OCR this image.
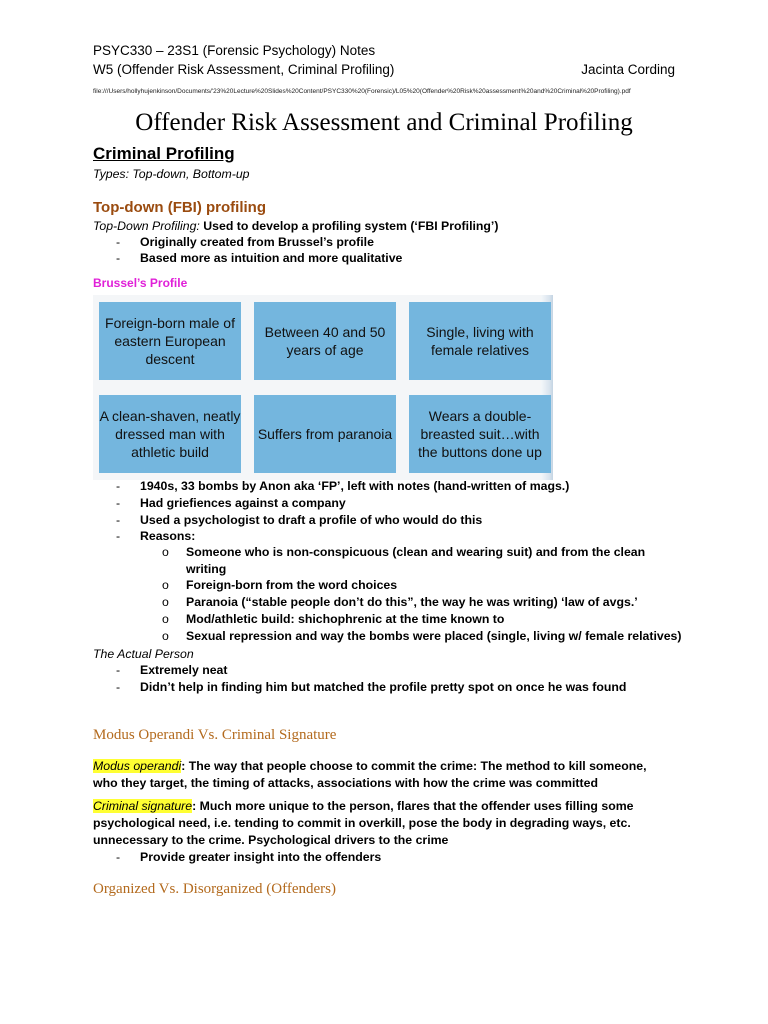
PSYC330 – 23S1 (Forensic Psychology) Notes
W5 (Offender Risk Assessment, Criminal Profiling)	Jacinta Cording
file:///Users/hollyhujenkinson/Documents/'23%20Lecture%20Slides%20Content/PSYC330%20(Forensic)/L05%20(Offender%20Risk%20assessment%20and%20Criminal%20Profiling).pdf
Offender Risk Assessment and Criminal Profiling
Criminal Profiling
Types: Top-down, Bottom-up
Top-down (FBI) profiling
Top-Down Profiling: Used to develop a profiling system (‘FBI Profiling’)
- Originally created from Brussel’s profile
- Based more as intuition and more qualitative
Brussel’s Profile
Foreign-born male of eastern European descent
Between 40 and 50 years of age
Single, living with female relatives
A clean-shaven, neatly dressed man with athletic build
Suffers from paranoia
Wears a double-breasted suit…with the buttons done up
- 1940s, 33 bombs by Anon aka ‘FP’, left with notes (hand-written of mags.)
- Had griefiences against a company
- Used a psychologist to draft a profile of who would do this
- Reasons:
o Someone who is non-conspicuous (clean and wearing suit) and from the clean
writing
o Foreign-born from the word choices
o Paranoia (“stable people don’t do this”, the way he was writing) ‘law of avgs.’
o Mod/athletic build: shichophrenic at the time known to
o Sexual repression and way the bombs were placed (single, living w/ female relatives)
The Actual Person
- Extremely neat
- Didn’t help in finding him but matched the profile pretty spot on once he was found
Modus Operandi Vs. Criminal Signature
Modus operandi: The way that people choose to commit the crime: The method to kill someone,
who they target, the timing of attacks, associations with how the crime was committed
Criminal signature: Much more unique to the person, flares that the offender uses filling some
psychological need, i.e. tending to commit in overkill, pose the body in degrading ways, etc.
unnecessary to the crime. Psychological drivers to the crime
- Provide greater insight into the offenders
Organized Vs. Disorganized (Offenders)
